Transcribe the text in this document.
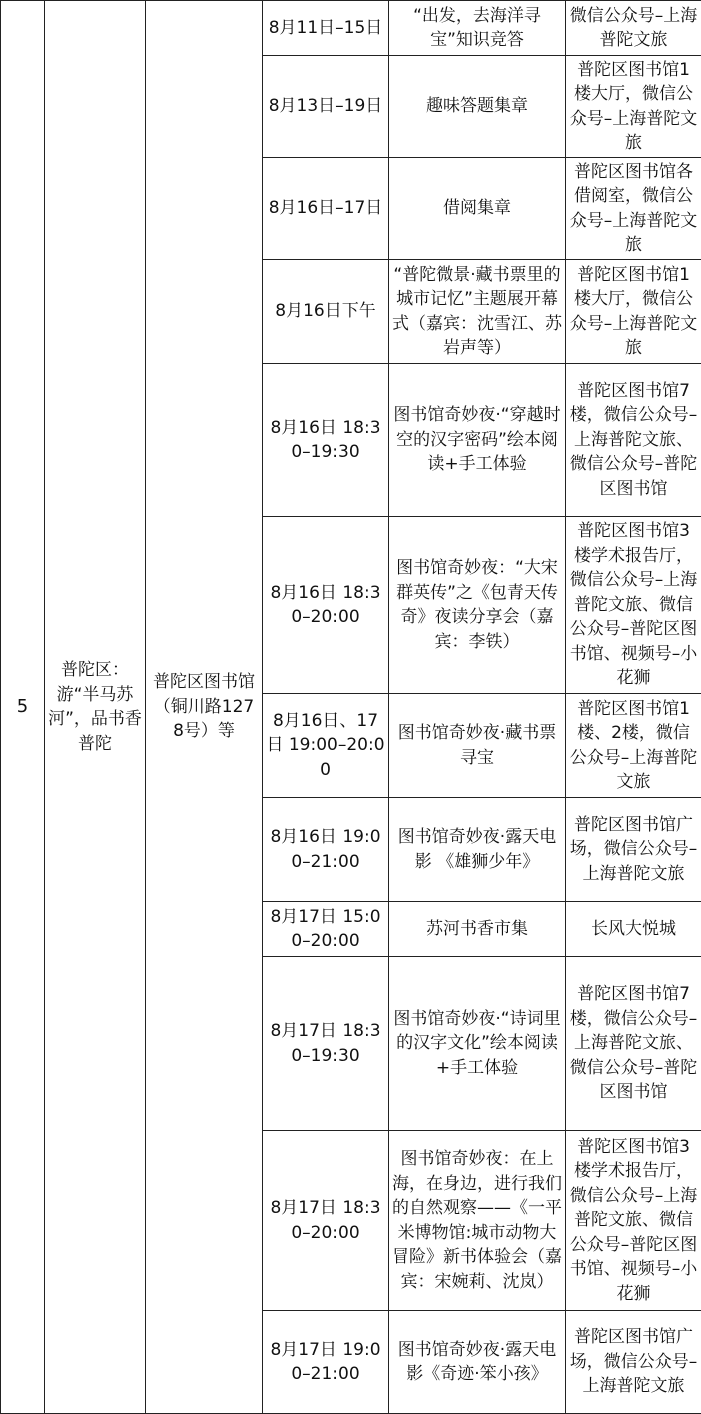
5	普陀区：游“半马苏河”，品书香普陀	普陀区图书馆（铜川路1278号）等	8月11日–15日	“出发，去海洋寻宝”知识竞答	微信公众号–上海普陀文旅
			8月13日–19日	趣味答题集章	普陀区图书馆1楼大厅，微信公众号–上海普陀文旅
			8月16日–17日	借阅集章	普陀区图书馆各借阅室，微信公众号–上海普陀文旅
			8月16日下午	“普陀微景·藏书票里的城市记忆”主题展开幕式（嘉宾：沈雪江、苏岩声等）	普陀区图书馆1楼大厅，微信公众号–上海普陀文旅
			8月16日 18:30–19:30	图书馆奇妙夜·“穿越时空的汉字密码”绘本阅读+手工体验	普陀区图书馆7楼，微信公众号–上海普陀文旅、微信公众号–普陀区图书馆
			8月16日 18:30–20:00	图书馆奇妙夜：“大宋群英传”之《包青天传奇》夜读分享会（嘉宾：李铁）	普陀区图书馆3楼学术报告厅，微信公众号–上海普陀文旅、微信公众号–普陀区图书馆、视频号–小花狮
			8月16日、17日 19:00–20:00	图书馆奇妙夜·藏书票寻宝	普陀区图书馆1楼、2楼，微信公众号–上海普陀文旅
			8月16日 19:00–21:00	图书馆奇妙夜·露天电影 《雄狮少年》	普陀区图书馆广场，微信公众号–上海普陀文旅
			8月17日 15:00–20:00	苏河书香市集	长风大悦城
			8月17日 18:30–19:30	图书馆奇妙夜·“诗词里的汉字文化”绘本阅读+手工体验	普陀区图书馆7楼，微信公众号–上海普陀文旅、微信公众号–普陀区图书馆
			8月17日 18:30–20:00	图书馆奇妙夜：在上海，在身边，进行我们的自然观察——《一平米博物馆:城市动物大冒险》新书体验会（嘉宾：宋婉莉、沈岚）	普陀区图书馆3楼学术报告厅，微信公众号–上海普陀文旅、微信公众号–普陀区图书馆、视频号–小花狮
			8月17日 19:00–21:00	图书馆奇妙夜·露天电影《奇迹·笨小孩》	普陀区图书馆广场，微信公众号–上海普陀文旅
